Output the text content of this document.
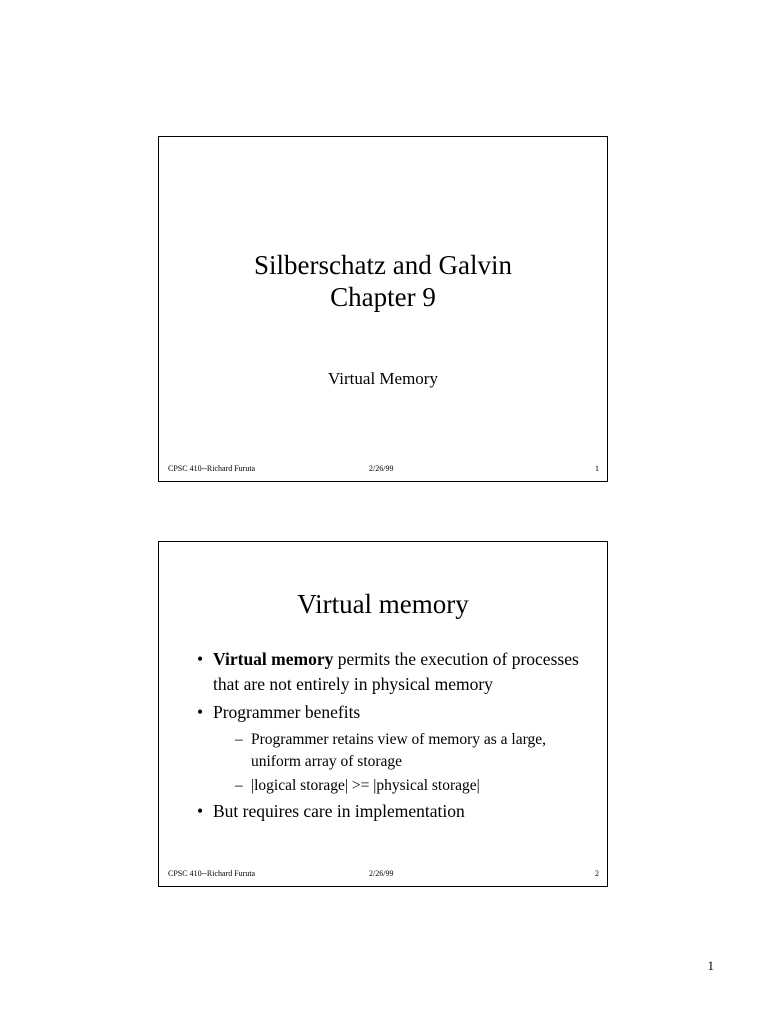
Silberschatz and Galvin
Chapter 9
Virtual Memory
CPSC 410--Richard Furuta	2/26/99	1
Virtual memory
• Virtual memory permits the execution of processes that are not entirely in physical memory
• Programmer benefits
– Programmer retains view of memory as a large, uniform array of storage
– |logical storage| >= |physical storage|
• But requires care in implementation
CPSC 410--Richard Furuta	2/26/99	2
1
